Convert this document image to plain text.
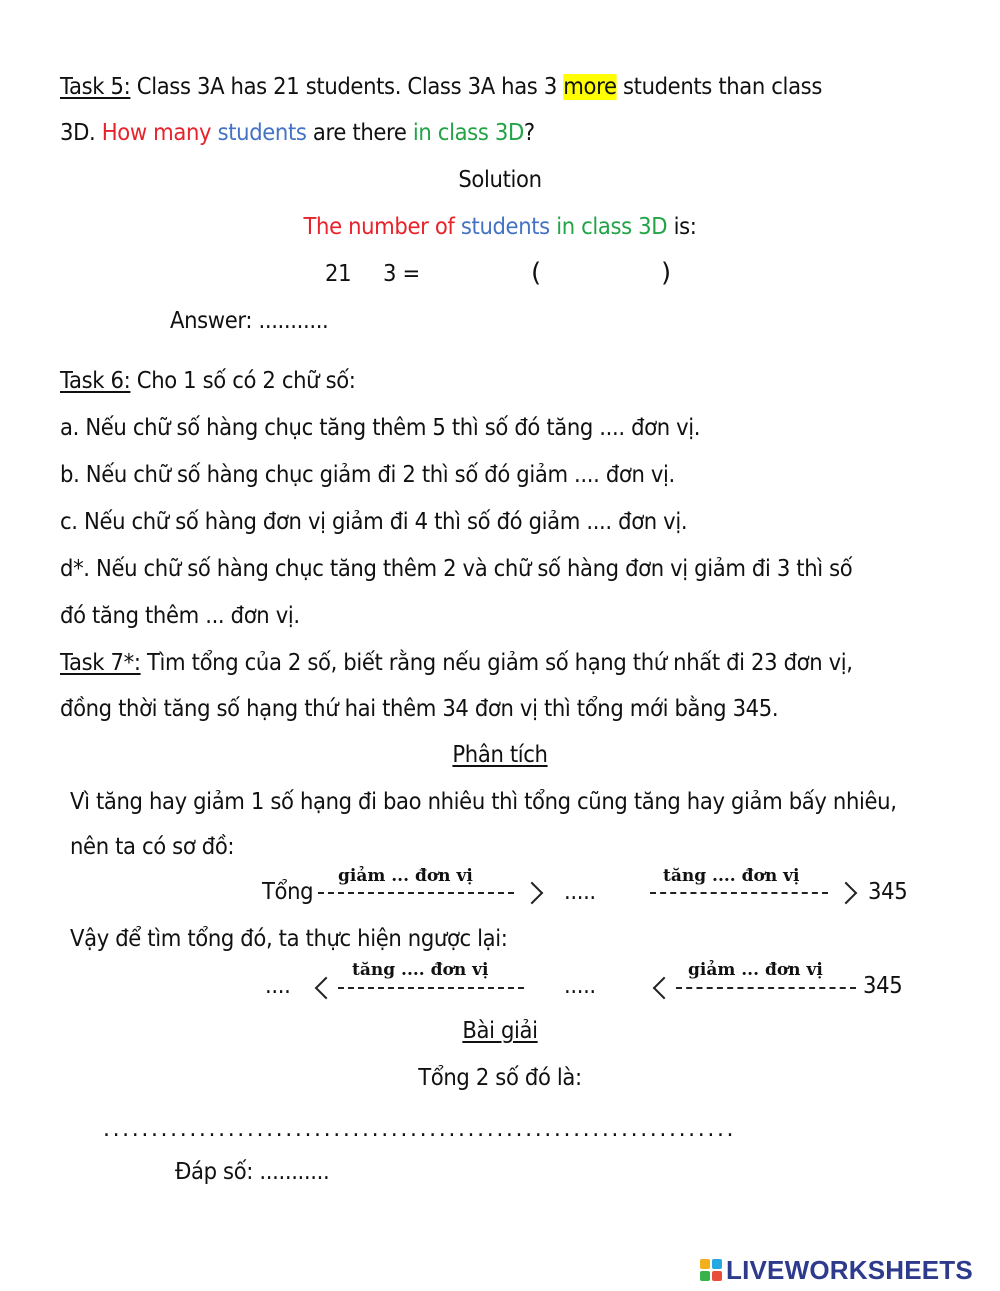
Task 5: Class 3A has 21 students. Class 3A has 3 more students than class
3D. How many students are there in class 3D?
Solution
The number of students in class 3D is:
21 3 =	(	)
Answer: ...........
Task 6: Cho 1 số có 2 chữ số:
a. Nếu chữ số hàng chục tăng thêm 5 thì số đó tăng .... đơn vị.
b. Nếu chữ số hàng chục giảm đi 2 thì số đó giảm .... đơn vị.
c. Nếu chữ số hàng đơn vị giảm đi 4 thì số đó giảm .... đơn vị.
d*. Nếu chữ số hàng chục tăng thêm 2 và chữ số hàng đơn vị giảm đi 3 thì số
đó tăng thêm ... đơn vị.
Task 7*: Tìm tổng của 2 số, biết rằng nếu giảm số hạng thứ nhất đi 23 đơn vị,
đồng thời tăng số hạng thứ hai thêm 34 đơn vị thì tổng mới bằng 345.
Phân tích
Vì tăng hay giảm 1 số hạng đi bao nhiêu thì tổng cũng tăng hay giảm bấy nhiêu,
nên ta có sơ đồ:
Tổng
giảm ... đơn vị
.....
tăng .... đơn vị
345
Vậy để tìm tổng đó, ta thực hiện ngược lại:
....
tăng .... đơn vị
.....
giảm ... đơn vị
345
Bài giải
Tổng 2 số đó là:
..................................................................
Đáp số: ...........
LIVEWORKSHEETS
